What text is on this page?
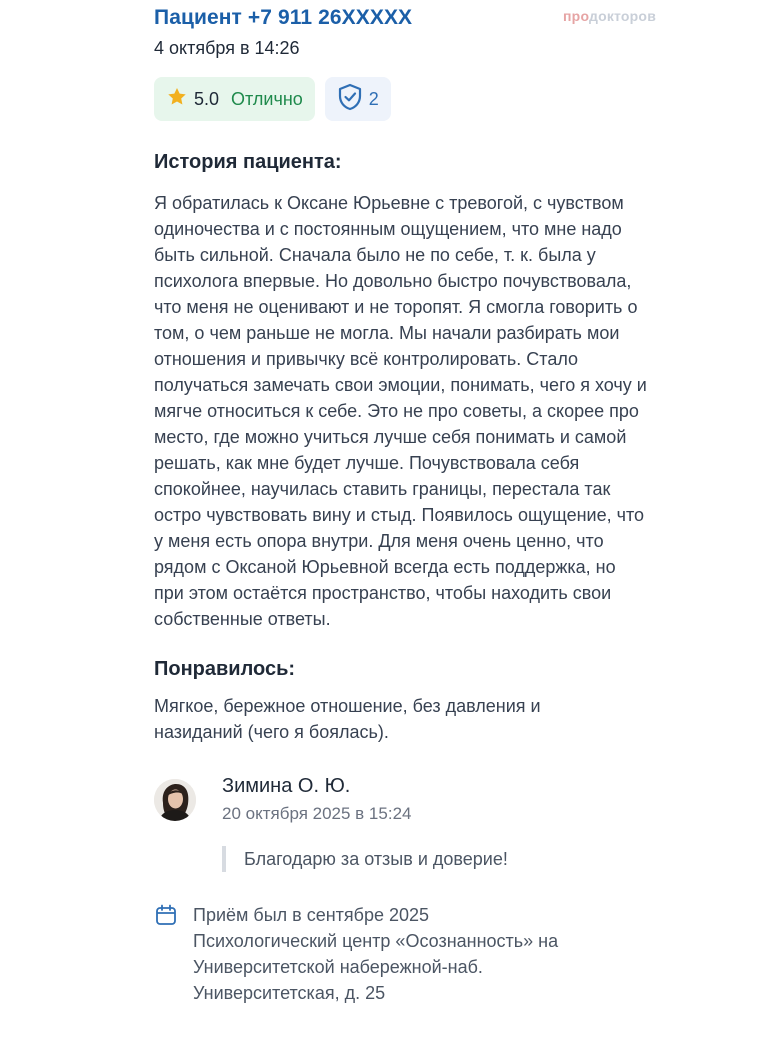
Пациент +7 911 26XXXXX	продокторов
4 октября в 14:26
5.0 Отлично	2
История пациента:
Я обратилась к Оксане Юрьевне с тревогой, с чувством одиночества и с постоянным ощущением, что мне надо быть сильной. Сначала было не по себе, т. к. была у психолога впервые. Но довольно быстро почувствовала, что меня не оценивают и не торопят. Я смогла говорить о том, о чем раньше не могла. Мы начали разбирать мои отношения и привычку всё контролировать. Стало получаться замечать свои эмоции, понимать, чего я хочу и мягче относиться к себе. Это не про советы, а скорее про место, где можно учиться лучше себя понимать и самой решать, как мне будет лучше. Почувствовала себя спокойнее, научилась ставить границы, перестала так остро чувствовать вину и стыд. Появилось ощущение, что у меня есть опора внутри. Для меня очень ценно, что рядом с Оксаной Юрьевной всегда есть поддержка, но при этом остаётся пространство, чтобы находить свои собственные ответы.
Понравилось:
Мягкое, бережное отношение, без давления и назиданий (чего я боялась).
Зимина О. Ю.
20 октября 2025 в 15:24
Благодарю за отзыв и доверие!
Приём был в сентябре 2025
Психологический центр «Осознанность» на Университетской набережной-наб. Университетская, д. 25
